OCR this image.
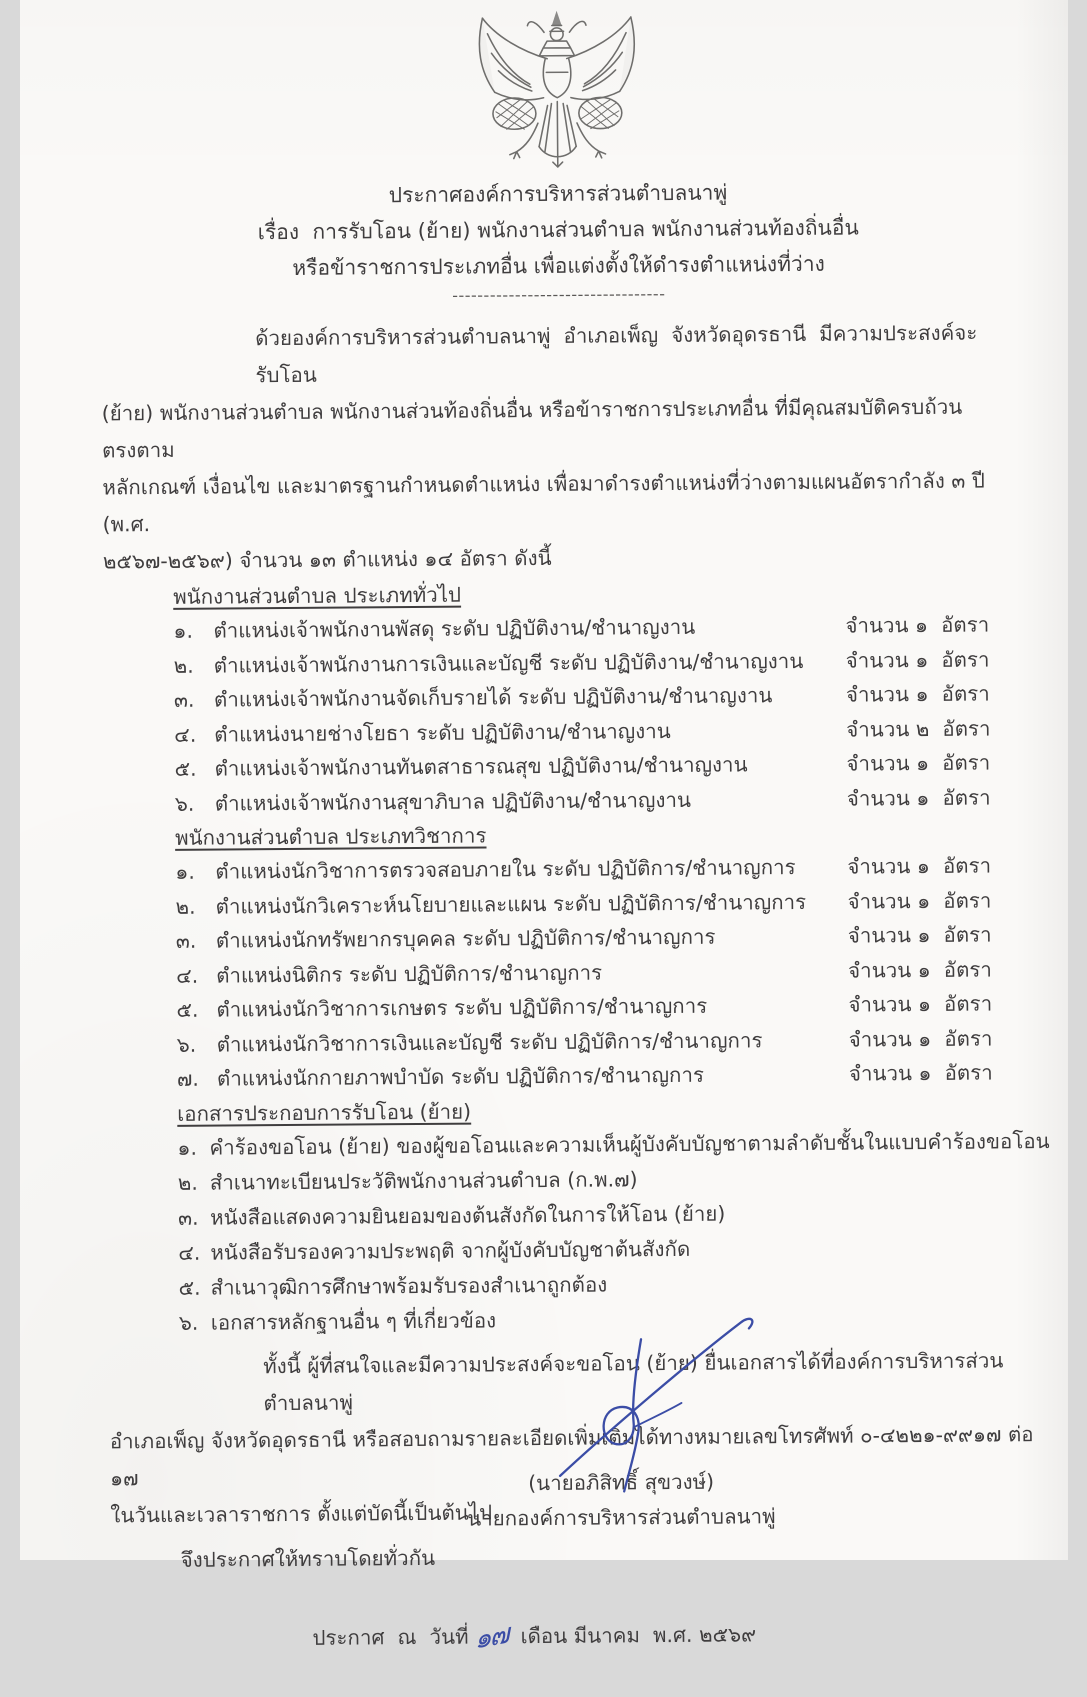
ประกาศองค์การบริหารส่วนตำบลนาพู่
เรื่อง  การรับโอน (ย้าย) พนักงานส่วนตำบล พนักงานส่วนท้องถิ่นอื่น
หรือข้าราชการประเภทอื่น เพื่อแต่งตั้งให้ดำรงตำแหน่งที่ว่าง
----------------------------------
ด้วยองค์การบริหารส่วนตำบลนาพู่  อำเภอเพ็ญ  จังหวัดอุดรธานี  มีความประสงค์จะรับโอน
(ย้าย) พนักงานส่วนตำบล พนักงานส่วนท้องถิ่นอื่น หรือข้าราชการประเภทอื่น ที่มีคุณสมบัติครบถ้วนตรงตาม
หลักเกณฑ์ เงื่อนไข และมาตรฐานกำหนดตำแหน่ง เพื่อมาดำรงตำแหน่งที่ว่างตามแผนอัตรากำลัง ๓ ปี (พ.ศ.
๒๕๖๗-๒๕๖๙) จำนวน ๑๓ ตำแหน่ง ๑๔ อัตรา ดังนี้
พนักงานส่วนตำบล ประเภททั่วไป
๑. ตำแหน่งเจ้าพนักงานพัสดุ ระดับ ปฏิบัติงาน/ชำนาญงาน	จำนวน ๑  อัตรา
๒. ตำแหน่งเจ้าพนักงานการเงินและบัญชี ระดับ ปฏิบัติงาน/ชำนาญงาน	จำนวน ๑  อัตรา
๓. ตำแหน่งเจ้าพนักงานจัดเก็บรายได้ ระดับ ปฏิบัติงาน/ชำนาญงาน	จำนวน ๑  อัตรา
๔. ตำแหน่งนายช่างโยธา ระดับ ปฏิบัติงาน/ชำนาญงาน	จำนวน ๒  อัตรา
๕. ตำแหน่งเจ้าพนักงานทันตสาธารณสุข ปฏิบัติงาน/ชำนาญงาน	จำนวน ๑  อัตรา
๖. ตำแหน่งเจ้าพนักงานสุขาภิบาล ปฏิบัติงาน/ชำนาญงาน	จำนวน ๑  อัตรา
พนักงานส่วนตำบล ประเภทวิชาการ
๑. ตำแหน่งนักวิชาการตรวจสอบภายใน ระดับ ปฏิบัติการ/ชำนาญการ	จำนวน ๑  อัตรา
๒. ตำแหน่งนักวิเคราะห์นโยบายและแผน ระดับ ปฏิบัติการ/ชำนาญการ	จำนวน ๑  อัตรา
๓. ตำแหน่งนักทรัพยากรบุคคล ระดับ ปฏิบัติการ/ชำนาญการ	จำนวน ๑  อัตรา
๔. ตำแหน่งนิติกร ระดับ ปฏิบัติการ/ชำนาญการ	จำนวน ๑  อัตรา
๕. ตำแหน่งนักวิชาการเกษตร ระดับ ปฏิบัติการ/ชำนาญการ	จำนวน ๑  อัตรา
๖. ตำแหน่งนักวิชาการเงินและบัญชี ระดับ ปฏิบัติการ/ชำนาญการ	จำนวน ๑  อัตรา
๗. ตำแหน่งนักกายภาพบำบัด ระดับ ปฏิบัติการ/ชำนาญการ	จำนวน ๑  อัตรา
เอกสารประกอบการรับโอน (ย้าย)
๑. คำร้องขอโอน (ย้าย) ของผู้ขอโอนและความเห็นผู้บังคับบัญชาตามลำดับชั้นในแบบคำร้องขอโอน
๒. สำเนาทะเบียนประวัติพนักงานส่วนตำบล (ก.พ.๗)
๓. หนังสือแสดงความยินยอมของต้นสังกัดในการให้โอน (ย้าย)
๔. หนังสือรับรองความประพฤติ จากผู้บังคับบัญชาต้นสังกัด
๕. สำเนาวุฒิการศึกษาพร้อมรับรองสำเนาถูกต้อง
๖. เอกสารหลักฐานอื่น ๆ ที่เกี่ยวข้อง
ทั้งนี้ ผู้ที่สนใจและมีความประสงค์จะขอโอน (ย้าย) ยื่นเอกสารได้ที่องค์การบริหารส่วนตำบลนาพู่
อำเภอเพ็ญ จังหวัดอุดรธานี หรือสอบถามรายละเอียดเพิ่มเติมได้ทางหมายเลขโทรศัพท์ ๐-๔๒๒๑-๙๙๑๗ ต่อ ๑๗
ในวันและเวลาราชการ ตั้งแต่บัดนี้เป็นต้นไป
จึงประกาศให้ทราบโดยทั่วกัน

ประกาศ  ณ  วันที่ ๑๗ เดือน มีนาคม  พ.ศ. ๒๕๖๙

(นายอภิสิทธิ์ สุขวงษ์)
นายกองค์การบริหารส่วนตำบลนาพู่
